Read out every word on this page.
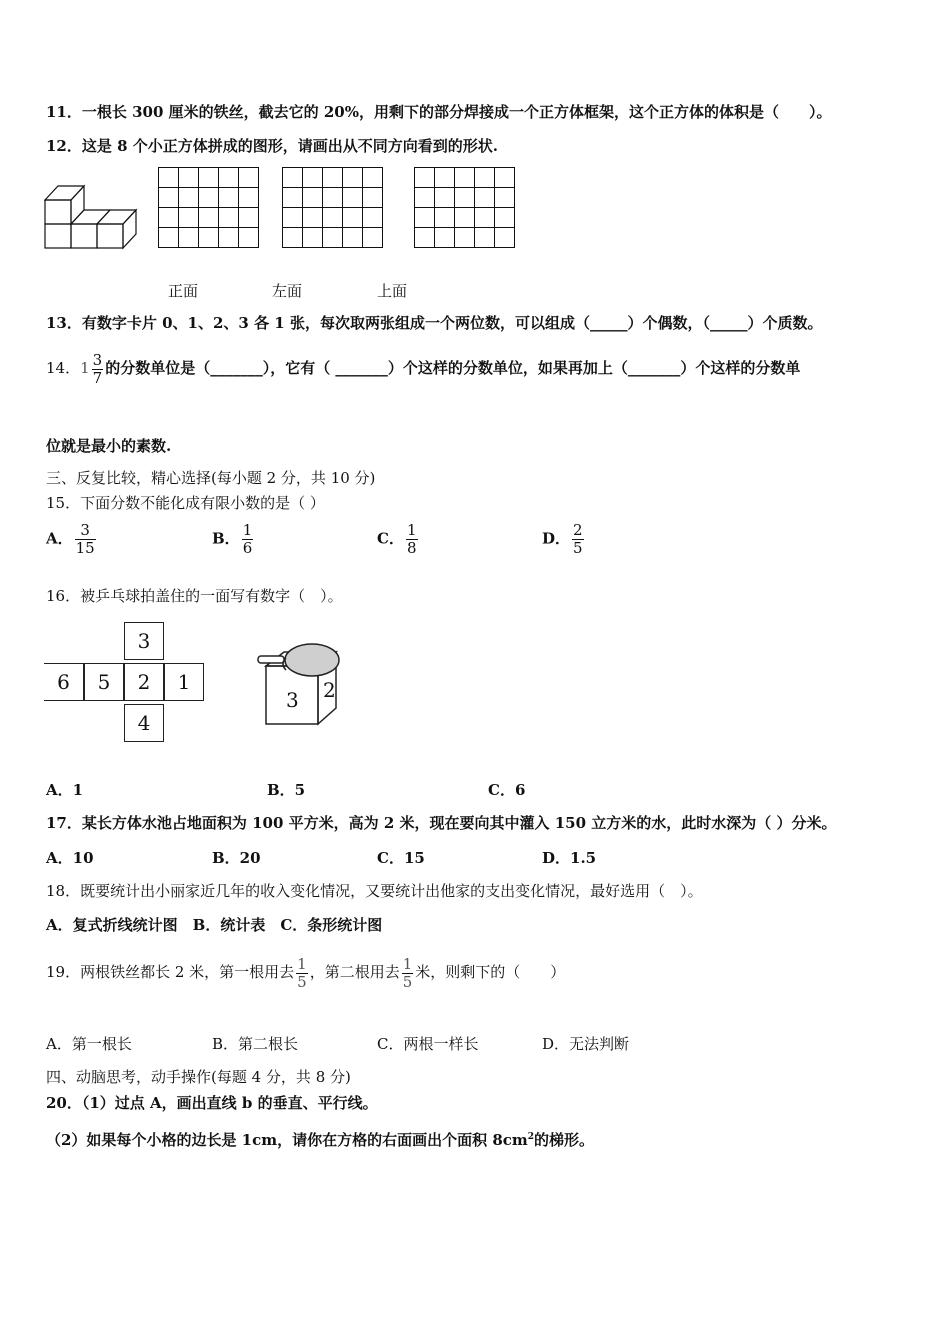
11．一根长 300 厘米的铁丝，截去它的 20%，用剩下的部分焊接成一个正方体框架，这个正方体的体积是（　　）。
12．这是 8 个小正方体拼成的图形，请画出从不同方向看到的形状.

正面	左面	上面
13．有数字卡片 0、1、2、3 各 1 张，每次取两张组成一个两位数，可以组成（_____）个偶数，（_____）个质数。
14．$1 \frac{3}{7}$ 的分数单位是（_______），它有（ _______）个这样的分数单位，如果再加上（_______）个这样的分数单
位就是最小的素数.
三、反复比较，精心选择(每小题 2 分，共 10 分)
15．下面分数不能化成有限小数的是（ ）
A． $\frac{3}{15}$	B． $\frac{1}{6}$	C． $\frac{1}{8}$	D． $\frac{2}{5}$
16．被乒乓球拍盖住的一面写有数字（　）。
3
6	5	2	1
4
3 2
A．1	B．5	C．6
17．某长方体水池占地面积为 100 平方米，高为 2 米，现在要向其中灌入 150 立方米的水，此时水深为（ ）分米。
A．10	B．20	C．15	D．1.5
18．既要统计出小丽家近几年的收入变化情况，又要统计出他家的支出变化情况，最好选用（　）。
A．复式折线统计图　B．统计表　C．条形统计图
19．两根铁丝都长 2 米，第一根用去 $\frac{1}{5}$ ，第二根用去 $\frac{1}{5}$ 米，则剩下的（　　）
A．第一根长	B．第二根长	C．两根一样长	D．无法判断
四、动脑思考，动手操作(每题 4 分，共 8 分)
20．（1）过点 A，画出直线 b 的垂直、平行线。
（2）如果每个小格的边长是 1cm，请你在方格的右面画出个面积 $8cm^2$的梯形。
